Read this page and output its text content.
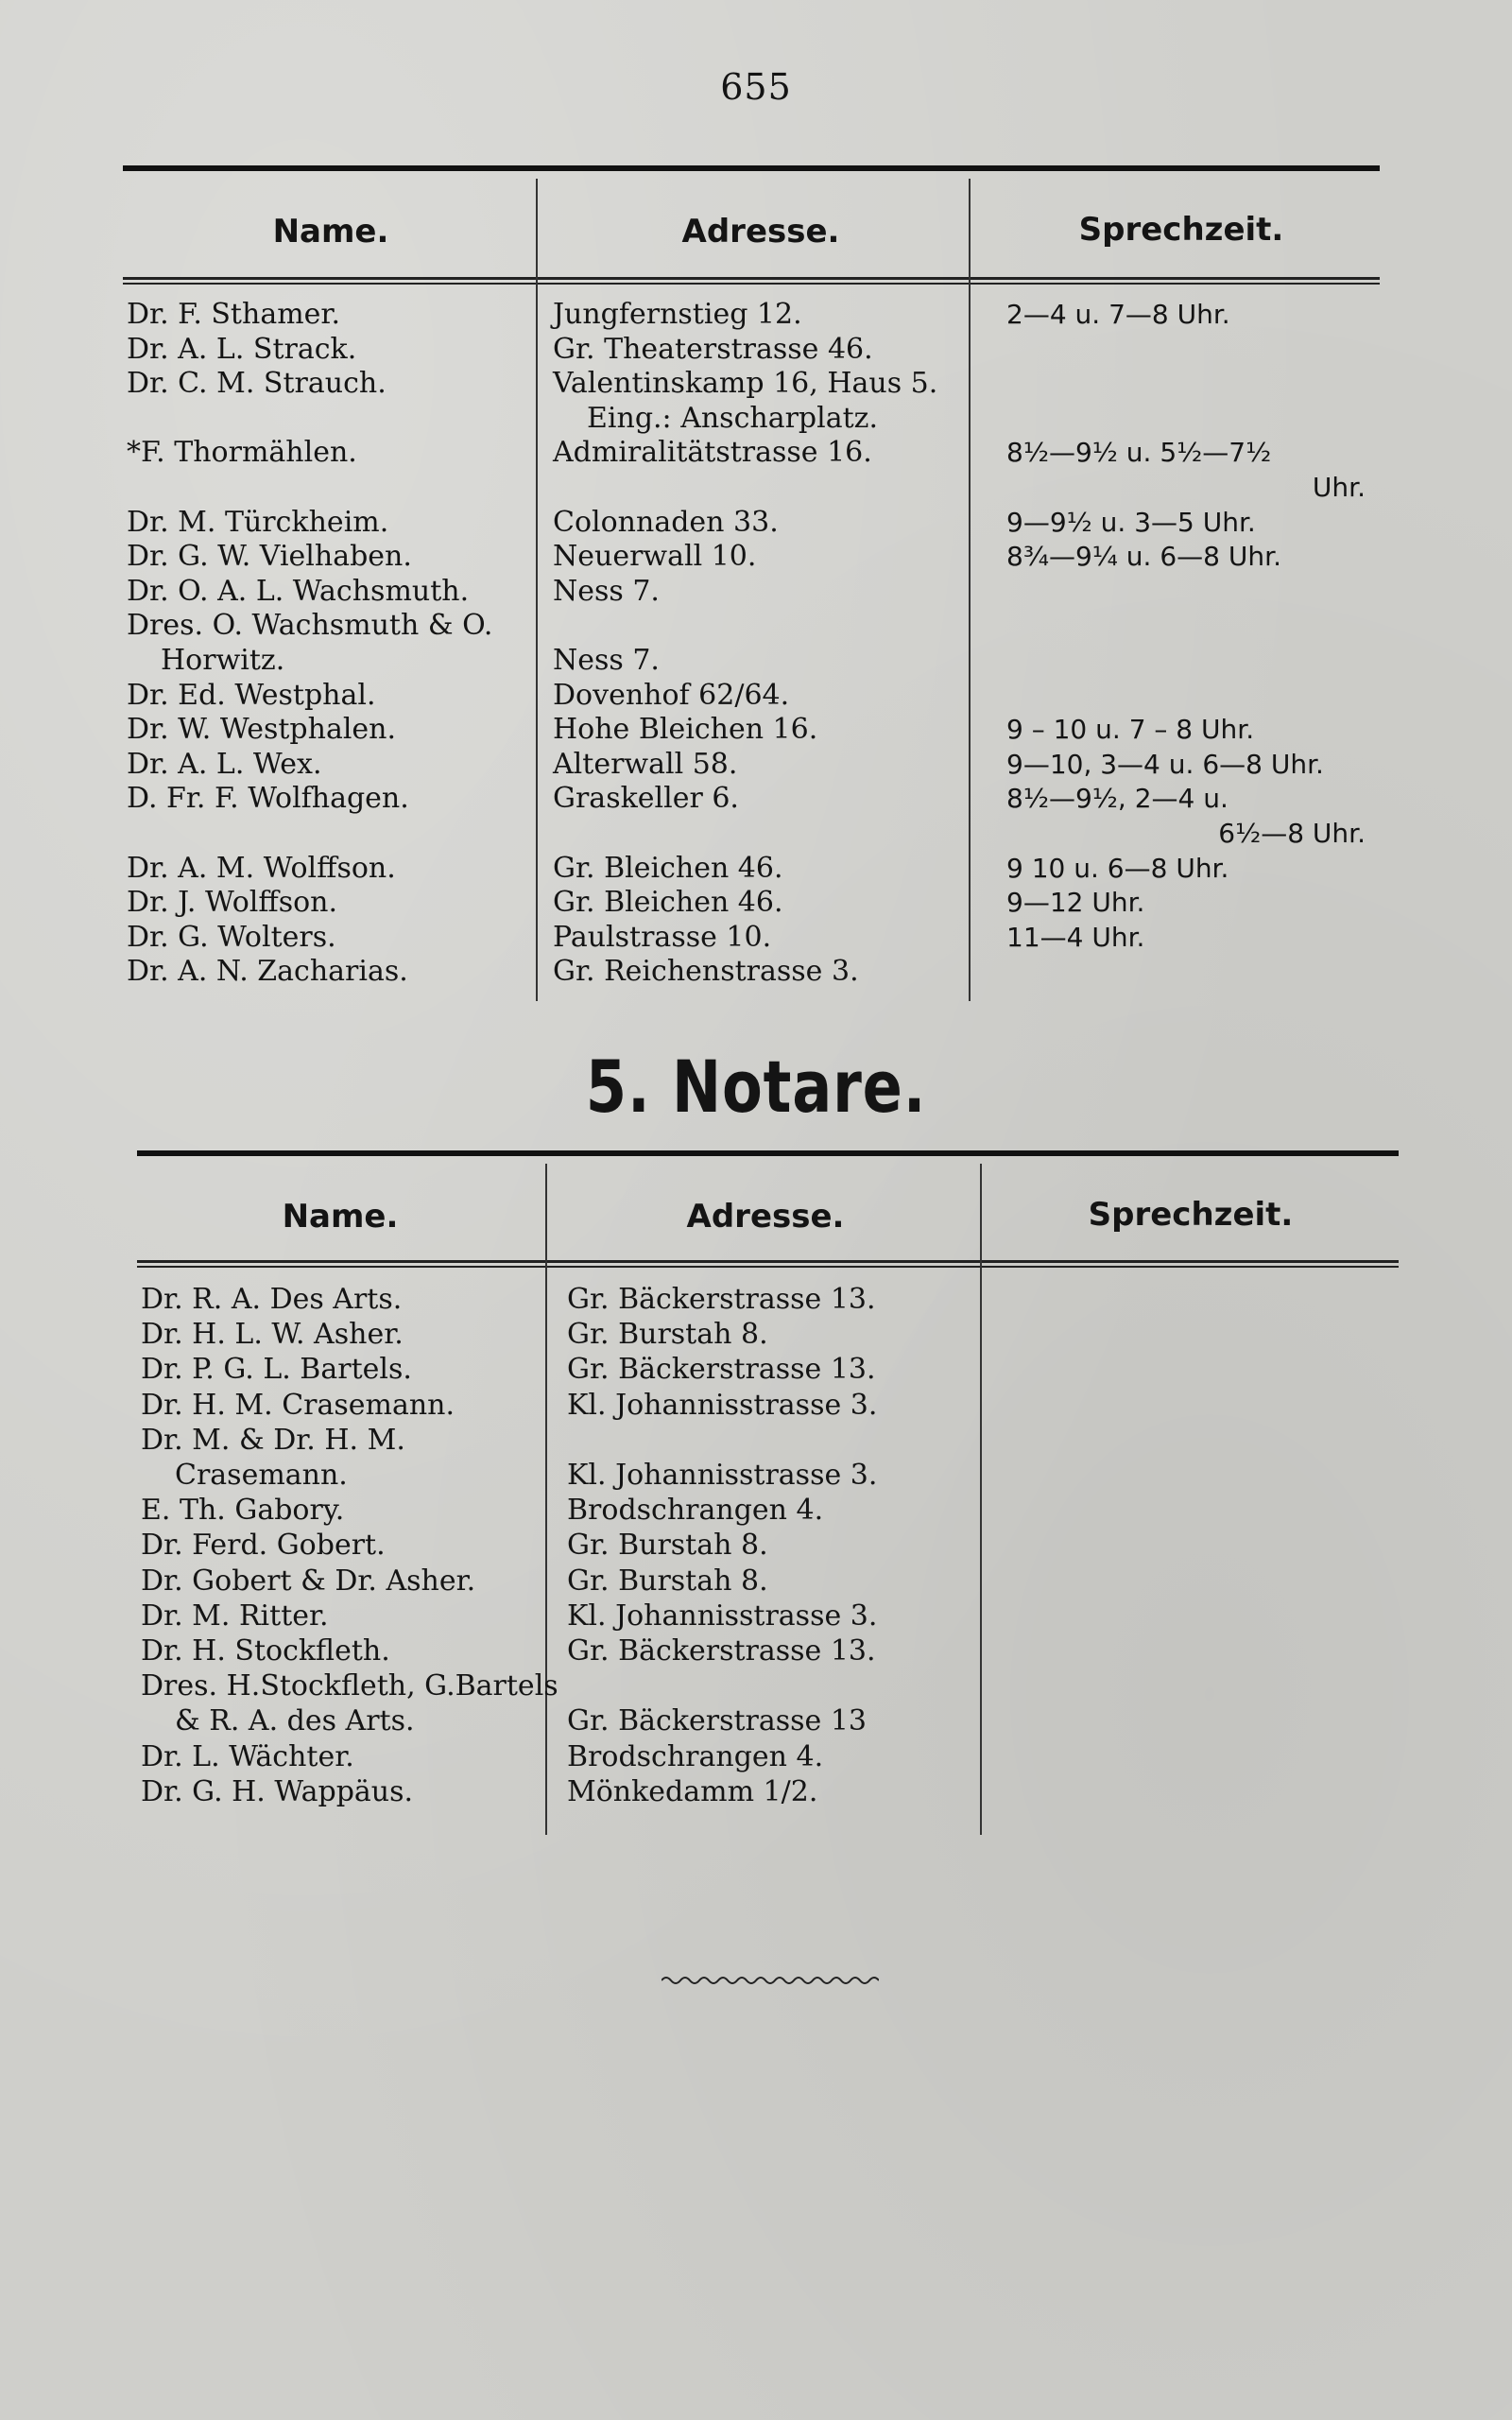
655
Name.	Adresse.	Sprechzeit.
Dr. F. Sthamer.	Jungfernstieg 12.	2—4 u. 7—8 Uhr.
Dr. A. L. Strack.	Gr. Theaterstrasse 46.
Dr. C. M. Strauch.	Valentinskamp 16, Haus 5.
Eing.: Anscharplatz.
*F. Thormählen.	Admiralitätstrasse 16.	8½—9½ u. 5½—7½
Uhr.
Dr. M. Türckheim.	Colonnaden 33.	9—9½ u. 3—5 Uhr.
Dr. G. W. Vielhaben.	Neuerwall 10.	8¾—9¼ u. 6—8 Uhr.
Dr. O. A. L. Wachsmuth.	Ness 7.
Dres. O. Wachsmuth & O.
Horwitz.	Ness 7.
Dr. Ed. Westphal.	Dovenhof 62/64.
Dr. W. Westphalen.	Hohe Bleichen 16.	9 – 10 u. 7 – 8 Uhr.
Dr. A. L. Wex.	Alterwall 58.	9—10, 3—4 u. 6—8 Uhr.
D. Fr. F. Wolfhagen.	Graskeller 6.	8½—9½, 2—4 u.
6½—8 Uhr.
Dr. A. M. Wolffson.	Gr. Bleichen 46.	9 10 u. 6—8 Uhr.
Dr. J. Wolffson.	Gr. Bleichen 46.	9—12 Uhr.
Dr. G. Wolters.	Paulstrasse 10.	11—4 Uhr.
Dr. A. N. Zacharias.	Gr. Reichenstrasse 3.
5. Notare.
Name.	Adresse.	Sprechzeit.
Dr. R. A. Des Arts.	Gr. Bäckerstrasse 13.
Dr. H. L. W. Asher.	Gr. Burstah 8.
Dr. P. G. L. Bartels.	Gr. Bäckerstrasse 13.
Dr. H. M. Crasemann.	Kl. Johannisstrasse 3.
Dr. M. & Dr. H. M.
Crasemann.	Kl. Johannisstrasse 3.
E. Th. Gabory.	Brodschrangen 4.
Dr. Ferd. Gobert.	Gr. Burstah 8.
Dr. Gobert & Dr. Asher.	Gr. Burstah 8.
Dr. M. Ritter.	Kl. Johannisstrasse 3.
Dr. H. Stockfleth.	Gr. Bäckerstrasse 13.
Dres. H.Stockfleth, G.Bartels
& R. A. des Arts.	Gr. Bäckerstrasse 13
Dr. L. Wächter.	Brodschrangen 4.
Dr. G. H. Wappäus.	Mönkedamm 1/2.
